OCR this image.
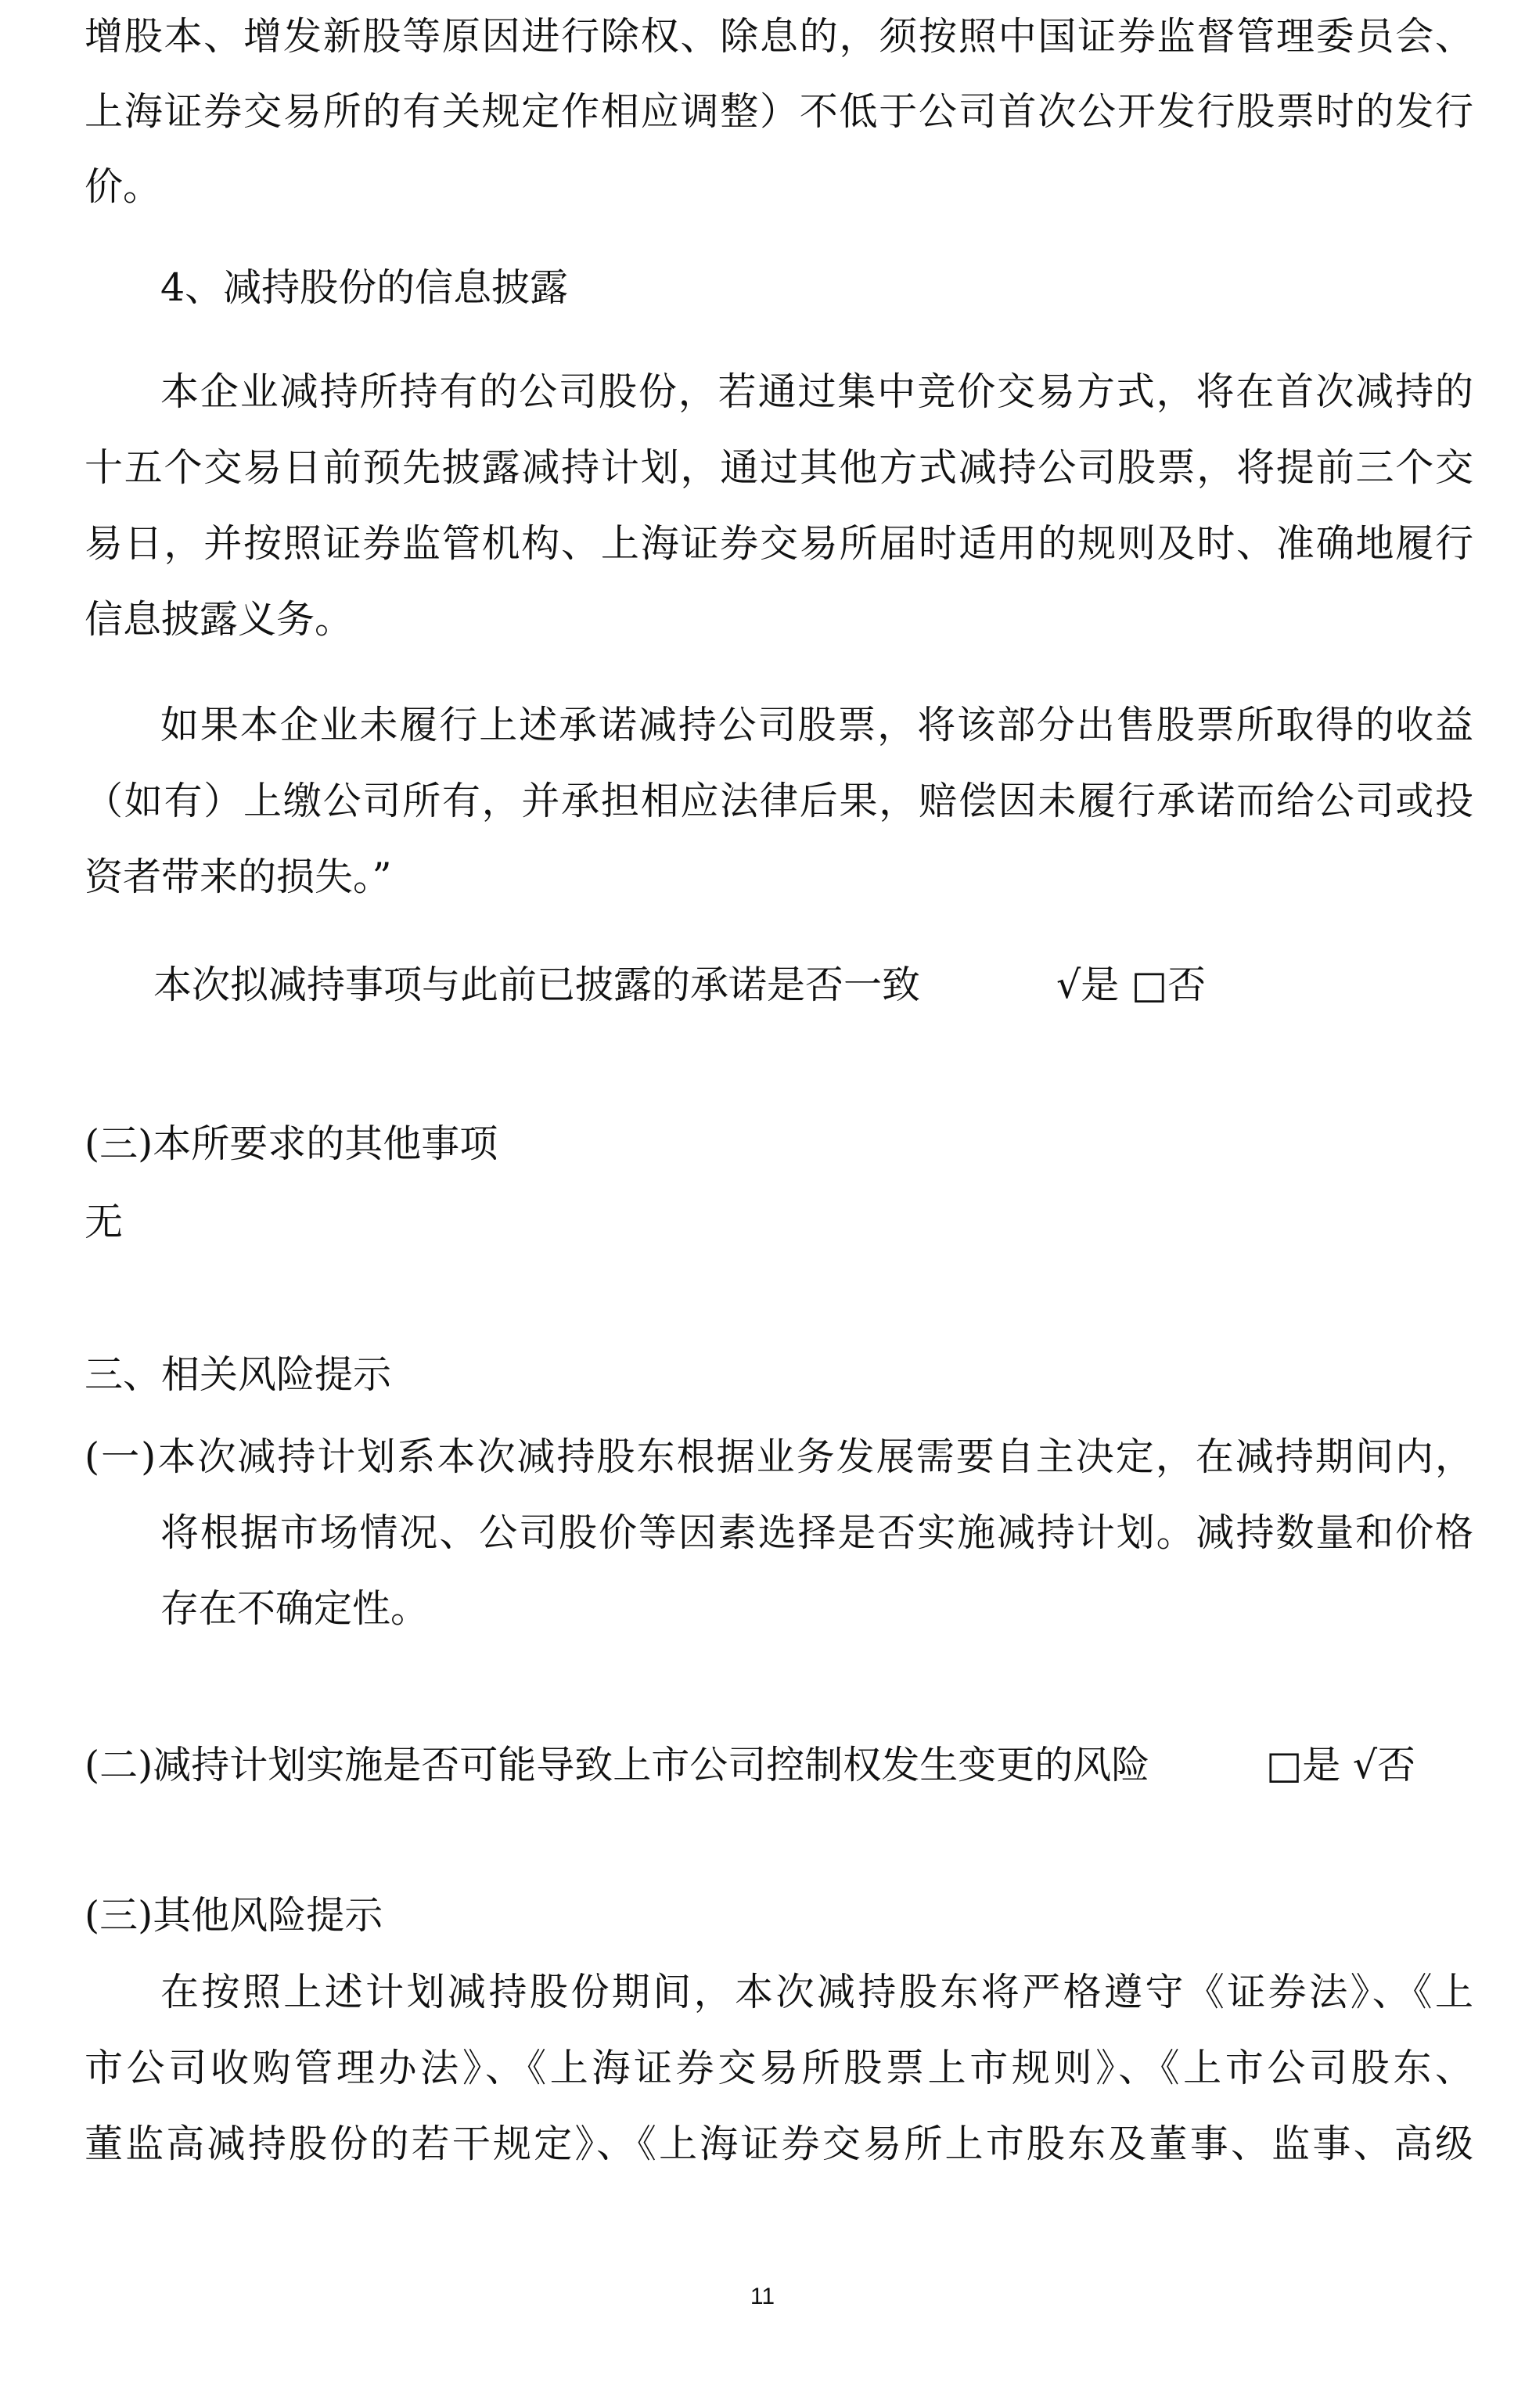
增股本、增发新股等原因进行除权、除息的，须按照中国证券监督管理委员会、
上海证券交易所的有关规定作相应调整）不低于公司首次公开发行股票时的发行
价。
4、减持股份的信息披露
本企业减持所持有的公司股份，若通过集中竞价交易方式，将在首次减持的
十五个交易日前预先披露减持计划，通过其他方式减持公司股票，将提前三个交
易日，并按照证券监管机构、上海证券交易所届时适用的规则及时、准确地履行
信息披露义务。
如果本企业未履行上述承诺减持公司股票，将该部分出售股票所取得的收益
（如有）上缴公司所有，并承担相应法律后果，赔偿因未履行承诺而给公司或投
资者带来的损失。”
本次拟减持事项与此前已披露的承诺是否一致	√是 □否
(三)本所要求的其他事项
无
三、相关风险提示
(一)本次减持计划系本次减持股东根据业务发展需要自主决定，在减持期间内，
将根据市场情况、公司股价等因素选择是否实施减持计划。减持数量和价格
存在不确定性。
(二)减持计划实施是否可能导致上市公司控制权发生变更的风险	□是 √否
(三)其他风险提示
在按照上述计划减持股份期间，本次减持股东将严格遵守《证券法》、《上
市公司收购管理办法》、《上海证券交易所股票上市规则》、《上市公司股东、
董监高减持股份的若干规定》、《上海证券交易所上市股东及董事、监事、高级
11
